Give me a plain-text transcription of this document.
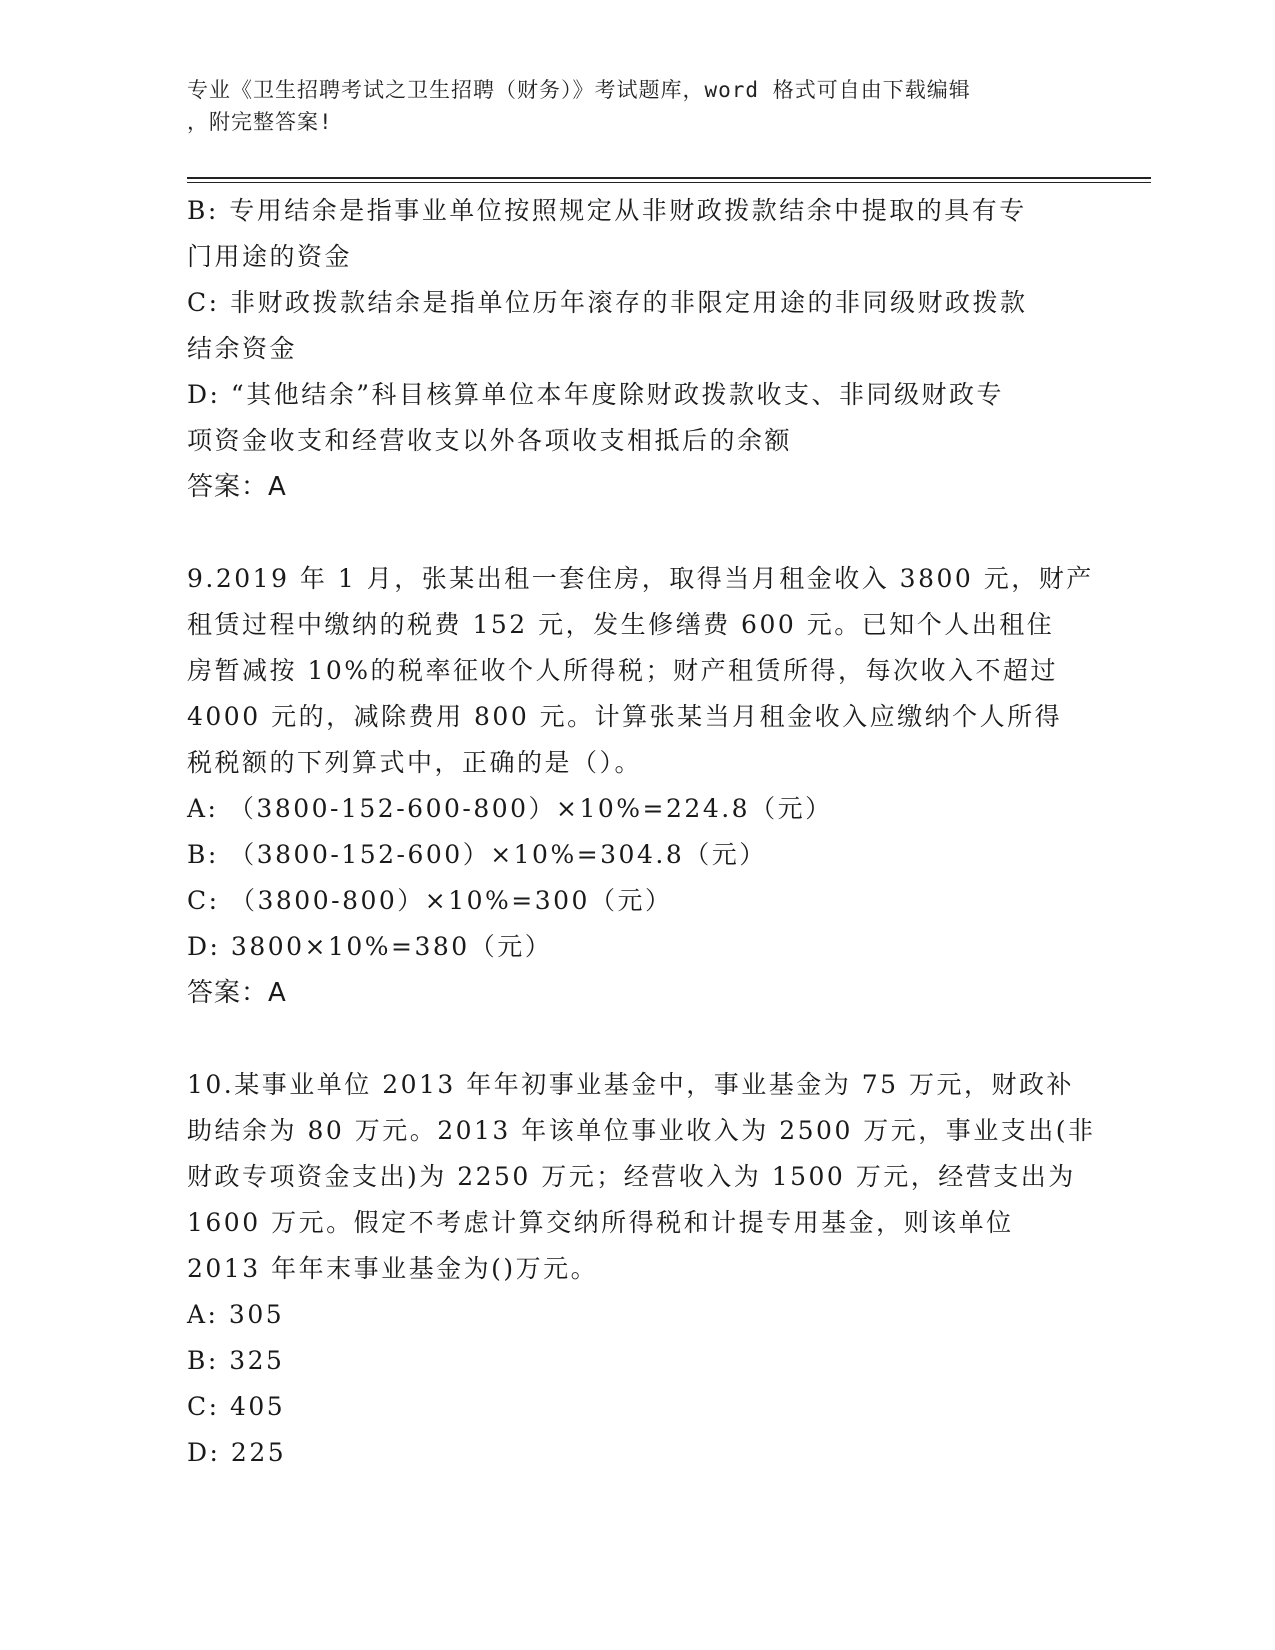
专业《卫生招聘考试之卫生招聘（财务）》考试题库，word 格式可自由下载编辑
，附完整答案!
B: 专用结余是指事业单位按照规定从非财政拨款结余中提取的具有专
门用途的资金
C: 非财政拨款结余是指单位历年滚存的非限定用途的非同级财政拨款
结余资金
D: “其他结余”科目核算单位本年度除财政拨款收支、非同级财政专
项资金收支和经营收支以外各项收支相抵后的余额
答案：A
9.2019 年 1 月，张某出租一套住房，取得当月租金收入 3800 元，财产
租赁过程中缴纳的税费 152 元，发生修缮费 600 元。已知个人出租住
房暂减按 10%的税率征收个人所得税；财产租赁所得，每次收入不超过
4000 元的，减除费用 800 元。计算张某当月租金收入应缴纳个人所得
税税额的下列算式中，正确的是（）。
A: （3800-152-600-800）×10%=224.8（元）
B: （3800-152-600）×10%=304.8（元）
C: （3800-800）×10%=300（元）
D: 3800×10%=380（元）
答案：A
10.某事业单位 2013 年年初事业基金中，事业基金为 75 万元，财政补
助结余为 80 万元。2013 年该单位事业收入为 2500 万元，事业支出(非
财政专项资金支出)为 2250 万元；经营收入为 1500 万元，经营支出为
1600 万元。假定不考虑计算交纳所得税和计提专用基金，则该单位
2013 年年末事业基金为()万元。
A: 305
B: 325
C: 405
D: 225
